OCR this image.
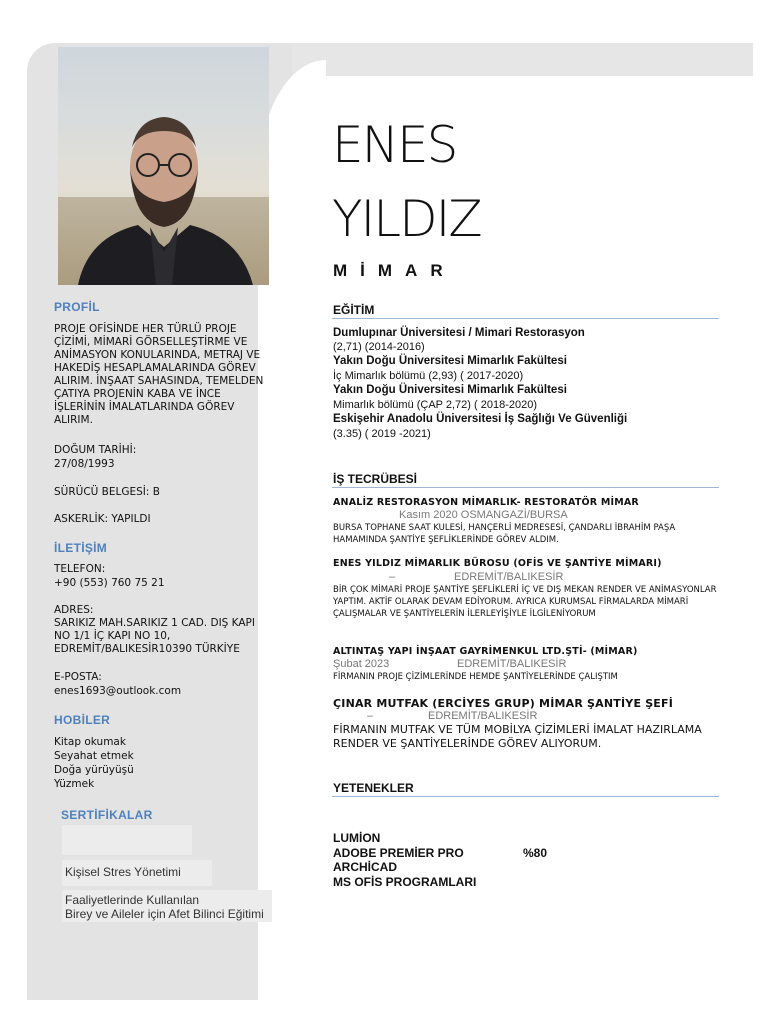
PROFİL
PROJE OFİSİNDE HER TÜRLÜ PROJE ÇİZİMİ, MİMARİ GÖRSELLEŞTİRME VE ANİMASYON KONULARINDA, METRAJ VE HAKEDİŞ HESAPLAMALARINDA GÖREV ALIRIM. İNŞAAT SAHASINDA, TEMELDEN ÇATIYA PROJENİN KABA VE İNCE İŞLERİNİN İMALATLARINDA GÖREV ALIRIM.
DOĞUM TARİHİ:
27/08/1993
SÜRÜCÜ BELGESİ: B
ASKERLİK: YAPILDI
İLETİŞİM
TELEFON:
+90 (553) 760 75 21
ADRES:
SARIKIZ MAH.SARIKIZ 1 CAD. DIŞ KAPI NO 1/1 İÇ KAPI NO 10, EDREMİT/BALIKESİR10390 TÜRKİYE
E-POSTA:
enes1693@outlook.com
HOBİLER
Kitap okumak
Seyahat etmek
Doğa yürüyüşü
Yüzmek
SERTİFİKALAR
Kişisel Stres Yönetimi
Faaliyetlerinde Kullanılan
Birey ve Aileler için Afet Bilinci Eğitimi
ENES
YILDIZ
MİMAR
EĞİTİM
Dumlupınar Üniversitesi / Mimari Restorasyon
(2,71) (2014-2016)
Yakın Doğu Üniversitesi Mimarlık Fakültesi
İç Mimarlık bölümü (2,93) ( 2017-2020)
Yakın Doğu Üniversitesi Mimarlık Fakültesi
Mimarlık bölümü (ÇAP 2,72) ( 2018-2020)
Eskişehir Anadolu Üniversitesi İş Sağlığı Ve Güvenliği
(3.35) ( 2019 -2021)
İŞ TECRÜBESİ
ANALİZ RESTORASYON MİMARLIK- RESTORATÖR MİMAR
Kasım 2020 OSMANGAZİ/BURSA
BURSA TOPHANE SAAT KULESİ, HANÇERLİ MEDRESESİ, ÇANDARLI İBRAHİM PAŞA HAMAMINDA ŞANTİYE ŞEFLİKLERİNDE GÖREV ALDIM.
ENES YILDIZ MİMARLIK BÜROSU (OFİS VE ŞANTİYE MİMARI)
–	EDREMİT/BALIKESİR
BİR ÇOK MİMARİ PROJE ŞANTİYE ŞEFLİKLERİ İÇ VE DIŞ MEKAN RENDER VE ANİMASYONLAR YAPTIM. AKTİF OLARAK DEVAM EDİYORUM. AYRICA KURUMSAL FİRMALARDA MİMARİ ÇALIŞMALAR VE ŞANTİYELERİN İLERLEYİŞİYLE İLGİLENİYORUM
ALTINTAŞ YAPI İNŞAAT GAYRİMENKUL LTD.ŞTİ- (MİMAR)
Şubat 2023	EDREMİT/BALIKESİR
FİRMANIN PROJE ÇİZİMLERİNDE HEMDE ŞANTİYELERİNDE ÇALIŞTIM
ÇINAR MUTFAK (ERCİYES GRUP) MİMAR ŞANTİYE ŞEFİ
–	EDREMİT/BALIKESİR
FİRMANIN MUTFAK VE TÜM MOBİLYA ÇİZİMLERİ İMALAT HAZIRLAMA RENDER VE ŞANTİYELERİNDE GÖREV ALIYORUM.
YETENEKLER
LUMİON
ADOBE PREMİER PRO	%80
ARCHİCAD
MS OFİS PROGRAMLARI
